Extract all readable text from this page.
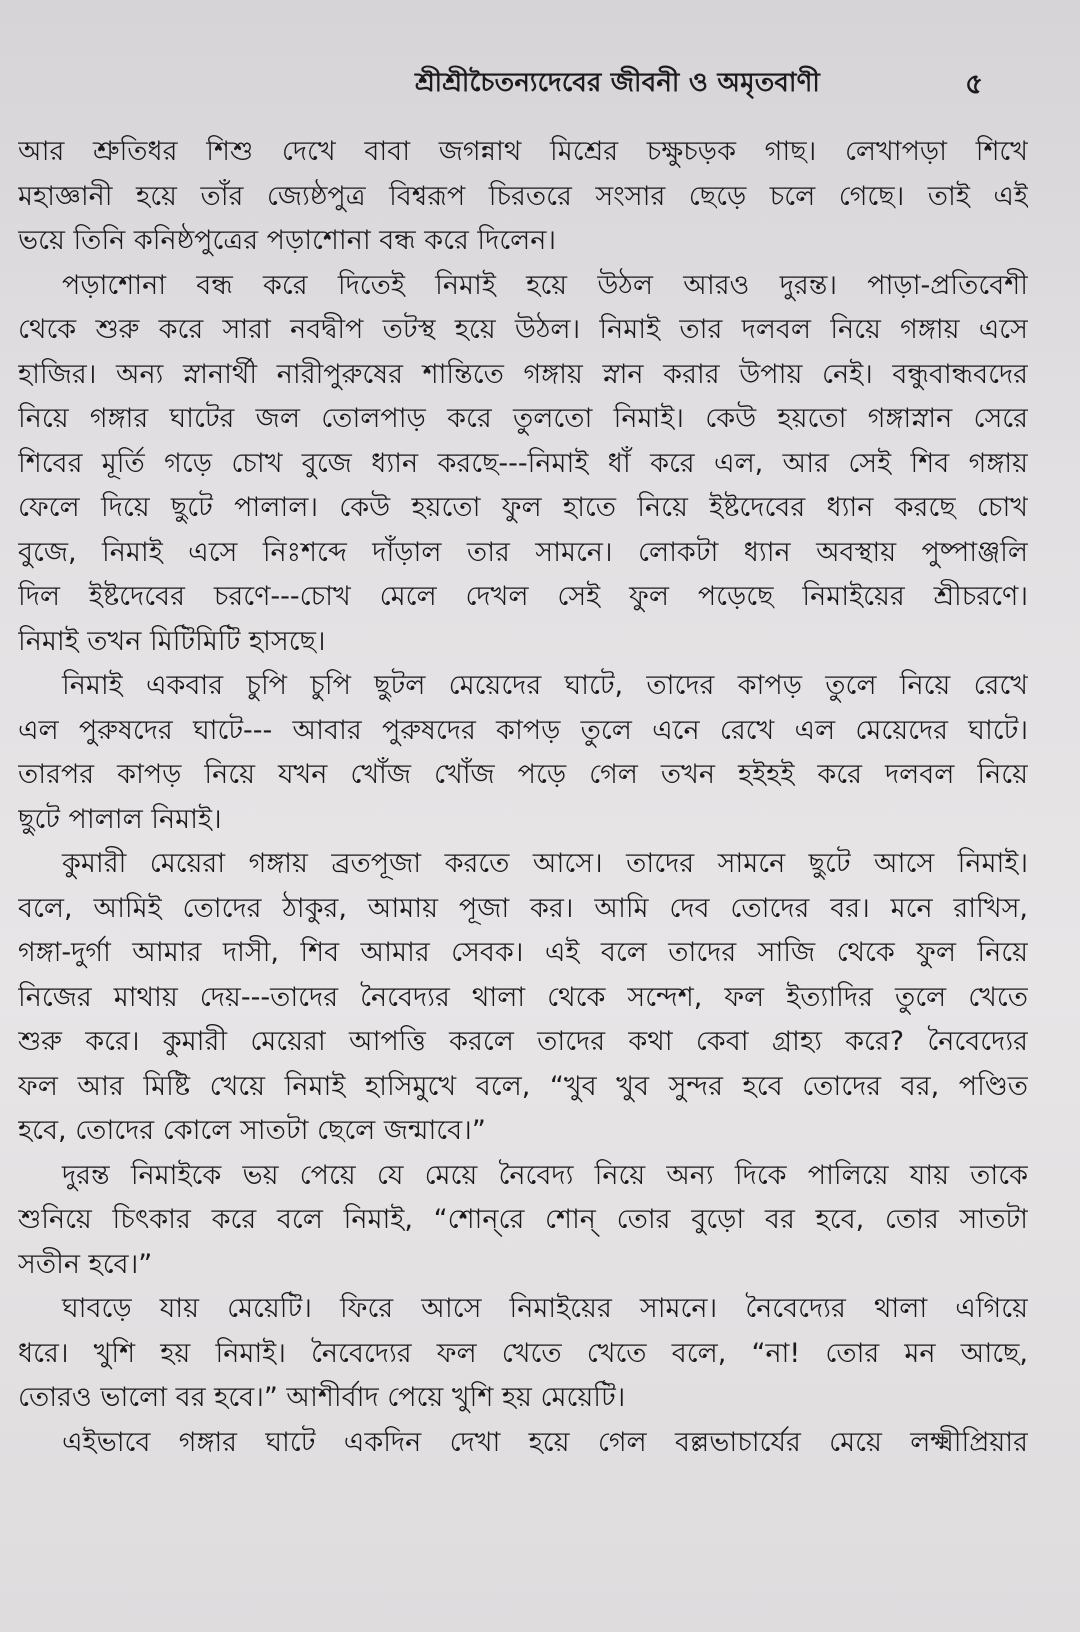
শ্রীশ্রীচৈতন্যদেবের জীবনী ও অমৃতবাণী	৫
আর শ্রুতিধর শিশু দেখে বাবা জগন্নাথ মিশ্রের চক্ষুচড়ক গাছ। লেখাপড়া শিখে
মহাজ্ঞানী হয়ে তাঁর জ্যেষ্ঠপুত্র বিশ্বরূপ চিরতরে সংসার ছেড়ে চলে গেছে। তাই এই
ভয়ে তিনি কনিষ্ঠপুত্রের পড়াশোনা বন্ধ করে দিলেন।
পড়াশোনা বন্ধ করে দিতেই নিমাই হয়ে উঠল আরও দুরন্ত। পাড়া-প্রতিবেশী
থেকে শুরু করে সারা নবদ্বীপ তটস্থ হয়ে উঠল। নিমাই তার দলবল নিয়ে গঙ্গায় এসে
হাজির। অন্য স্নানার্থী নারীপুরুষের শান্তিতে গঙ্গায় স্নান করার উপায় নেই। বন্ধুবান্ধবদের
নিয়ে গঙ্গার ঘাটের জল তোলপাড় করে তুলতো নিমাই। কেউ হয়তো গঙ্গাস্নান সেরে
শিবের মূর্তি গড়ে চোখ বুজে ধ্যান করছে---নিমাই ধাঁ করে এল, আর সেই শিব গঙ্গায়
ফেলে দিয়ে ছুটে পালাল। কেউ হয়তো ফুল হাতে নিয়ে ইষ্টদেবের ধ্যান করছে চোখ
বুজে, নিমাই এসে নিঃশব্দে দাঁড়াল তার সামনে। লোকটা ধ্যান অবস্থায় পুষ্পাঞ্জলি
দিল ইষ্টদেবের চরণে---চোখ মেলে দেখল সেই ফুল পড়েছে নিমাইয়ের শ্রীচরণে।
নিমাই তখন মিটিমিটি হাসছে।
নিমাই একবার চুপি চুপি ছুটল মেয়েদের ঘাটে, তাদের কাপড় তুলে নিয়ে রেখে
এল পুরুষদের ঘাটে--- আবার পুরুষদের কাপড় তুলে এনে রেখে এল মেয়েদের ঘাটে।
তারপর কাপড় নিয়ে যখন খোঁজ খোঁজ পড়ে গেল তখন হইহই করে দলবল নিয়ে
ছুটে পালাল নিমাই।
কুমারী মেয়েরা গঙ্গায় ব্রতপূজা করতে আসে। তাদের সামনে ছুটে আসে নিমাই।
বলে, আমিই তোদের ঠাকুর, আমায় পূজা কর। আমি দেব তোদের বর। মনে রাখিস,
গঙ্গা-দুর্গা আমার দাসী, শিব আমার সেবক। এই বলে তাদের সাজি থেকে ফুল নিয়ে
নিজের মাথায় দেয়---তাদের নৈবেদ্যর থালা থেকে সন্দেশ, ফল ইত্যাদির তুলে খেতে
শুরু করে। কুমারী মেয়েরা আপত্তি করলে তাদের কথা কেবা গ্রাহ্য করে? নৈবেদ্যের
ফল আর মিষ্টি খেয়ে নিমাই হাসিমুখে বলে, “খুব খুব সুন্দর হবে তোদের বর, পণ্ডিত
হবে, তোদের কোলে সাতটা ছেলে জন্মাবে।”
দুরন্ত নিমাইকে ভয় পেয়ে যে মেয়ে নৈবেদ্য নিয়ে অন্য দিকে পালিয়ে যায় তাকে
শুনিয়ে চিৎকার করে বলে নিমাই, “শোন্‌রে শোন্‌ তোর বুড়ো বর হবে, তোর সাতটা
সতীন হবে।”
ঘাবড়ে যায় মেয়েটি। ফিরে আসে নিমাইয়ের সামনে। নৈবেদ্যের থালা এগিয়ে
ধরে। খুশি হয় নিমাই। নৈবেদ্যের ফল খেতে খেতে বলে, “না! তোর মন আছে,
তোরও ভালো বর হবে।” আশীর্বাদ পেয়ে খুশি হয় মেয়েটি।
এইভাবে গঙ্গার ঘাটে একদিন দেখা হয়ে গেল বল্লভাচার্যের মেয়ে লক্ষ্মীপ্রিয়ার
